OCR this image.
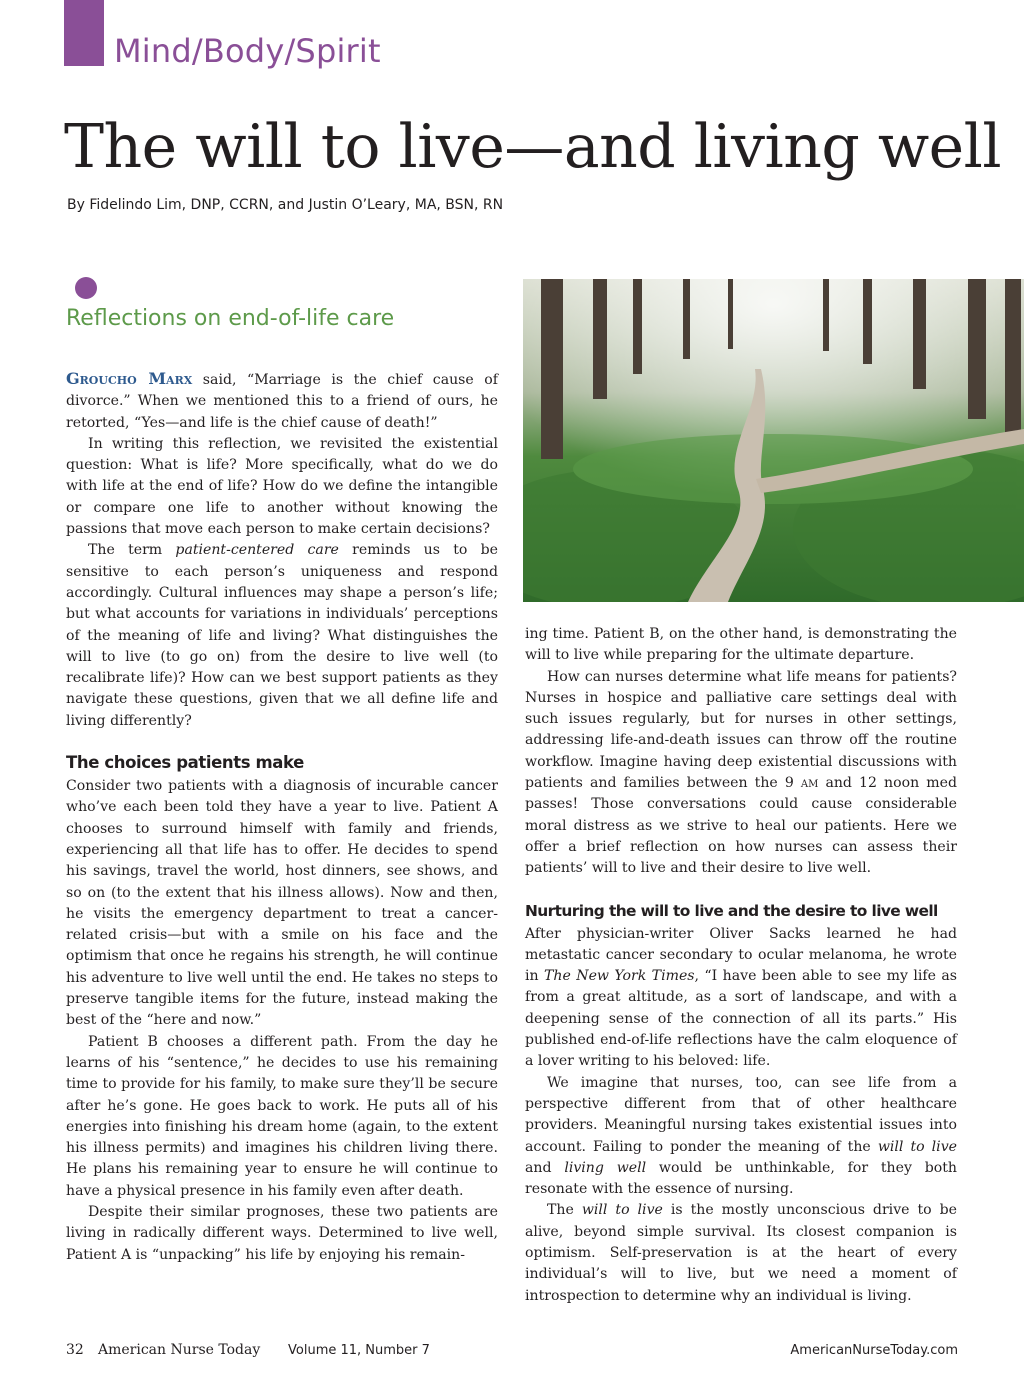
Mind/Body/Spirit
The will to live—and living well
By Fidelindo Lim, DNP, CCRN, and Justin O’Leary, MA, BSN, RN
Reflections on end-of-life care

Groucho Marx said, “Marriage is the chief cause of divorce.” When we mentioned this to a friend of ours, he retorted, “Yes—and life is the chief cause of death!”

In writing this reflection, we revisited the existential question: What is life? More specifically, what do we do with life at the end of life? How do we define the intangible or compare one life to another without knowing the passions that move each person to make certain decisions?

The term patient-centered care reminds us to be sensitive to each person’s uniqueness and respond accordingly. Cultural influences may shape a person’s life; but what accounts for variations in individuals’ perceptions of the meaning of life and living? What distinguishes the will to live (to go on) from the desire to live well (to recalibrate life)? How can we best support patients as they navigate these questions, given that we all define life and living differently?

The choices patients make

Consider two patients with a diagnosis of incurable cancer who’ve each been told they have a year to live. Patient A chooses to surround himself with family and friends, experiencing all that life has to offer. He decides to spend his savings, travel the world, host dinners, see shows, and so on (to the extent that his illness allows). Now and then, he visits the emergency department to treat a cancer-related crisis—but with a smile on his face and the optimism that once he regains his strength, he will continue his adventure to live well until the end. He takes no steps to preserve tangible items for the future, instead making the best of the “here and now.”

Patient B chooses a different path. From the day he learns of his “sentence,” he decides to use his remaining time to provide for his family, to make sure they’ll be secure after he’s gone. He goes back to work. He puts all of his energies into finishing his dream home (again, to the extent his illness permits) and imagines his children living there. He plans his remaining year to ensure he will continue to have a physical presence in his family even after death.

Despite their similar prognoses, these two patients are living in radically different ways. Determined to live well, Patient A is “unpacking” his life by enjoying his remain-

ing time. Patient B, on the other hand, is demonstrating the will to live while preparing for the ultimate departure.

How can nurses determine what life means for patients? Nurses in hospice and palliative care settings deal with such issues regularly, but for nurses in other settings, addressing life-and-death issues can throw off the routine workflow. Imagine having deep existential discussions with patients and families between the 9 am and 12 noon med passes! Those conversations could cause considerable moral distress as we strive to heal our patients. Here we offer a brief reflection on how nurses can assess their patients’ will to live and their desire to live well.

Nurturing the will to live and the desire to live well

After physician-writer Oliver Sacks learned he had metastatic cancer secondary to ocular melanoma, he wrote in The New York Times, “I have been able to see my life as from a great altitude, as a sort of landscape, and with a deepening sense of the connection of all its parts.” His published end-of-life reflections have the calm eloquence of a lover writing to his beloved: life.

We imagine that nurses, too, can see life from a perspective different from that of other healthcare providers. Meaningful nursing takes existential issues into account. Failing to ponder the meaning of the will to live and living well would be unthinkable, for they both resonate with the essence of nursing.

The will to live is the mostly unconscious drive to be alive, beyond simple survival. Its closest companion is optimism. Self-preservation is at the heart of every individual’s will to live, but we need a moment of introspection to determine why an individual is living.

32 American Nurse Today Volume 11, Number 7	AmericanNurseToday.com
